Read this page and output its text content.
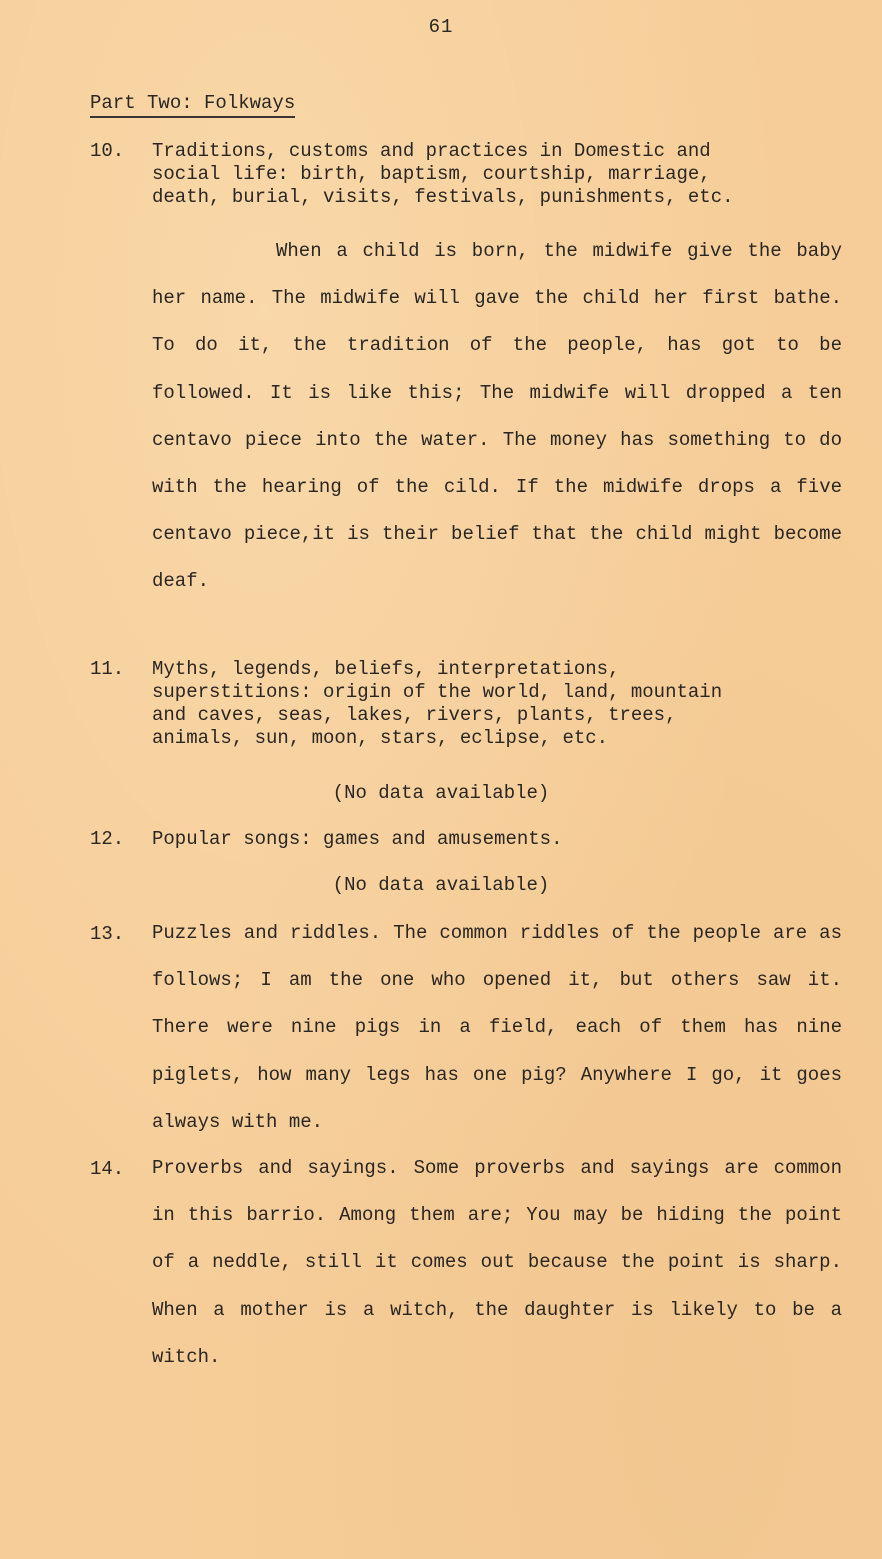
61
Part Two: Folkways
10. Traditions, customs and practices in Domestic and
social life: birth, baptism, courtship, marriage,
death, burial, visits, festivals, punishments, etc.
When a child is born, the midwife give the baby her name. The midwife will gave the child her first bathe. To do it, the tradition of the people, has got to be followed. It is like this; The midwife will dropped a ten centavo piece into the water. The money has something to do with the hearing of the cild. If the midwife drops a five centavo piece,it is their belief that the child might become deaf.
11. Myths, legends, beliefs, interpretations,
superstitions: origin of the world, land, mountain
and caves, seas, lakes, rivers, plants, trees,
animals, sun, moon, stars, eclipse, etc.
(No data available)
12. Popular songs: games and amusements.
(No data available)
13. Puzzles and riddles. The common riddles of the people are as follows; I am the one who opened it, but others saw it. There were nine pigs in a field, each of them has nine piglets, how many legs has one pig? Anywhere I go, it goes always with me.
14. Proverbs and sayings. Some proverbs and sayings are common in this barrio. Among them are; You may be hiding the point of a neddle, still it comes out because the point is sharp. When a mother is a witch, the daughter is likely to be a witch.
